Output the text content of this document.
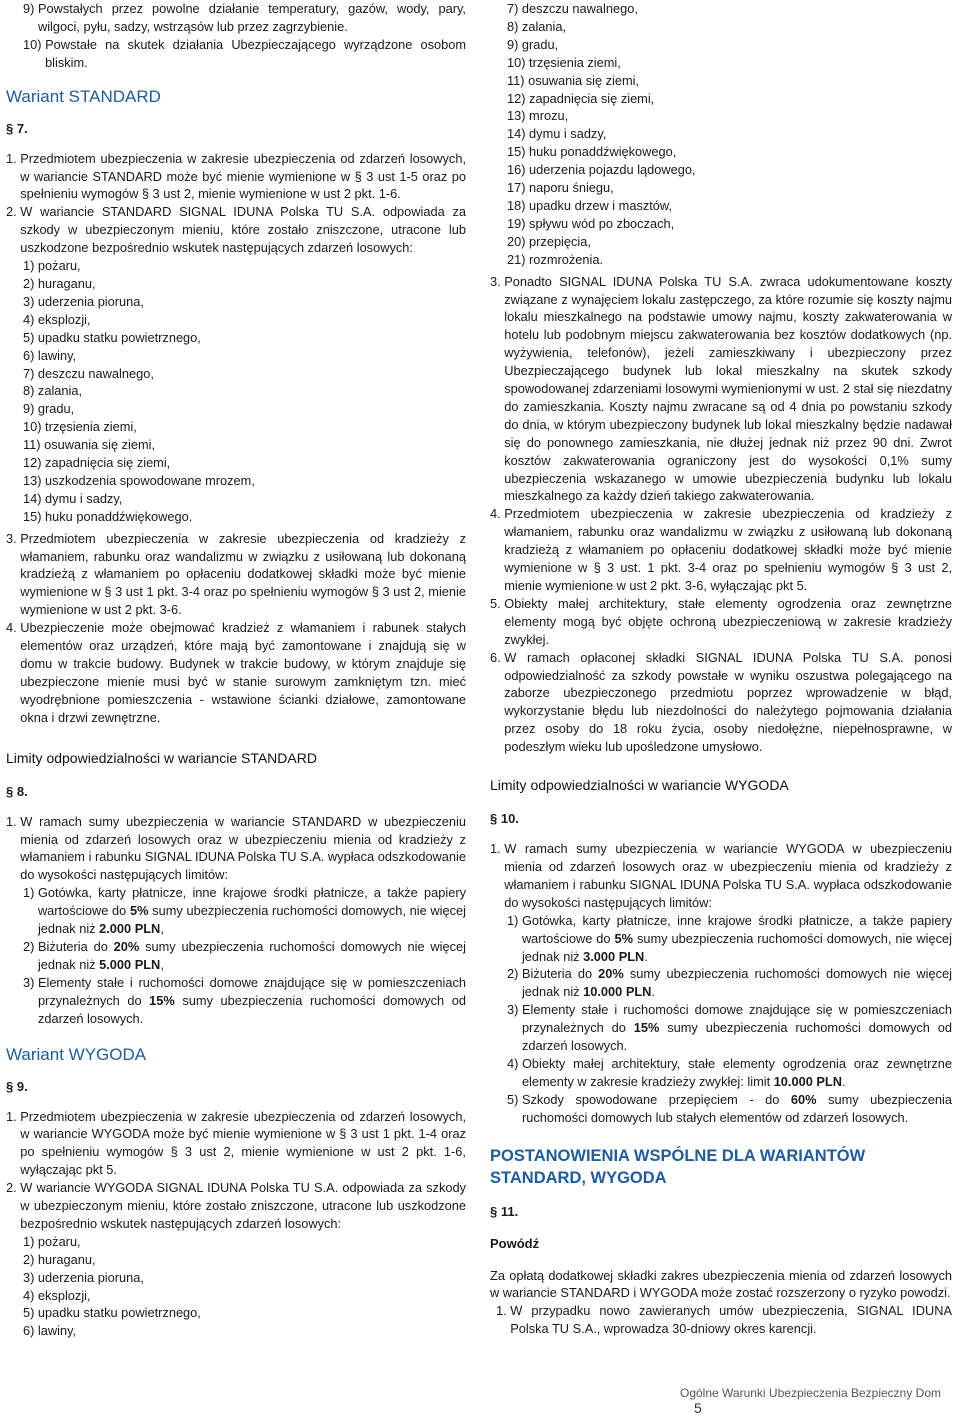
9)
Powstałych przez powolne działanie temperatury, gazów, wody, pary, wilgoci, pyłu, sadzy, wstrząsów lub przez zagrzybienie.
10)
Powstałe na skutek działania Ubezpieczającego wyrządzone osobom bliskim.
Wariant STANDARD
§ 7.
1.
Przedmiotem ubezpieczenia w zakresie ubezpieczenia od zdarzeń losowych, w wariancie STANDARD może być mienie wymienione w § 3 ust 1-5 oraz po spełnieniu wymogów § 3 ust 2, mienie wymienione w ust 2 pkt. 1-6.
2.
W wariancie STANDARD SIGNAL IDUNA Polska TU S.A. odpowiada za szkody w ubezpieczonym mieniu, które zostało zniszczone, utracone lub uszkodzone bezpośrednio wskutek następujących zdarzeń losowych:
1) pożaru,
2) huraganu,
3) uderzenia pioruna,
4) eksplozji,
5) upadku statku powietrznego,
6) lawiny,
7) deszczu nawalnego,
8) zalania,
9) gradu,
10) trzęsienia ziemi,
11) osuwania się ziemi,
12) zapadnięcia się ziemi,
13) uszkodzenia spowodowane mrozem,
14) dymu i sadzy,
15) huku ponaddźwiękowego.
3.
Przedmiotem ubezpieczenia w zakresie ubezpieczenia od kradzieży z włamaniem, rabunku oraz wandalizmu w związku z usiłowaną lub dokonaną kradzieżą z włamaniem po opłaceniu dodatkowej składki może być mienie wymienione w § 3 ust 1 pkt. 3-4 oraz po spełnieniu wymogów § 3 ust 2, mienie wymienione w ust 2 pkt. 3-6.
4.
Ubezpieczenie może obejmować kradzież z włamaniem i rabunek stałych elementów oraz urządzeń, które mają być zamontowane i znajdują się w domu w trakcie budowy. Budynek w trakcie budowy, w którym znajduje się ubezpieczone mienie musi być w stanie surowym zamkniętym tzn. mieć wyodrębnione pomieszczenia - wstawione ścianki działowe, zamontowane okna i drzwi zewnętrzne.
Limity odpowiedzialności w wariancie STANDARD
§ 8.
1.
W ramach sumy ubezpieczenia w wariancie STANDARD w ubezpieczeniu mienia od zdarzeń losowych oraz w ubezpieczeniu mienia od kradzieży z włamaniem i rabunku SIGNAL IDUNA Polska TU S.A. wypłaca odszkodowanie do wysokości następujących limitów:
1) Gotówka, karty płatnicze, inne krajowe środki płatnicze, a także papiery wartościowe do 5% sumy ubezpieczenia ruchomości domowych, nie więcej jednak niż 2.000 PLN,
2) Biżuteria do 20% sumy ubezpieczenia ruchomości domowych nie więcej jednak niż 5.000 PLN,
3) Elementy stałe i ruchomości domowe znajdujące się w pomieszczeniach przynależnych do 15% sumy ubezpieczenia ruchomości domowych od zdarzeń losowych.
Wariant WYGODA
§ 9.
1.
Przedmiotem ubezpieczenia w zakresie ubezpieczenia od zdarzeń losowych, w wariancie WYGODA może być mienie wymienione w § 3 ust 1 pkt. 1-4 oraz po spełnieniu wymogów § 3 ust 2, mienie wymienione w ust 2 pkt. 1-6, wyłączając pkt 5.
2.
W wariancie WYGODA SIGNAL IDUNA Polska TU S.A. odpowiada za szkody w ubezpieczonym mieniu, które zostało zniszczone, utracone lub uszkodzone bezpośrednio wskutek następujących zdarzeń losowych:
1) pożaru,
2) huraganu,
3) uderzenia pioruna,
4) eksplozji,
5) upadku statku powietrznego,
6) lawiny,
7) deszczu nawalnego,
8) zalania,
9) gradu,
10) trzęsienia ziemi,
11) osuwania się ziemi,
12) zapadnięcia się ziemi,
13) mrozu,
14) dymu i sadzy,
15) huku ponaddźwiękowego,
16) uderzenia pojazdu lądowego,
17) naporu śniegu,
18) upadku drzew i masztów,
19) spływu wód po zboczach,
20) przepięcia,
21) rozmrożenia.
3.
Ponadto SIGNAL IDUNA Polska TU S.A. zwraca udokumentowane koszty związane z wynajęciem lokalu zastępczego, za które rozumie się koszty najmu lokalu mieszkalnego na podstawie umowy najmu, koszty zakwaterowania w hotelu lub podobnym miejscu zakwaterowania bez kosztów dodatkowych (np. wyżywienia, telefonów), jeżeli zamieszkiwany i ubezpieczony przez Ubezpieczającego budynek lub lokal mieszkalny na skutek szkody spowodowanej zdarzeniami losowymi wymienionymi w ust. 2 stał się niezdatny do zamieszkania. Koszty najmu zwracane są od 4 dnia po powstaniu szkody do dnia, w którym ubezpieczony budynek lub lokal mieszkalny będzie nadawał się do ponownego zamieszkania, nie dłużej jednak niż przez 90 dni. Zwrot kosztów zakwaterowania ograniczony jest do wysokości 0,1% sumy ubezpieczenia wskazanego w umowie ubezpieczenia budynku lub lokalu mieszkalnego za każdy dzień takiego zakwaterowania.
4.
Przedmiotem ubezpieczenia w zakresie ubezpieczenia od kradzieży z włamaniem, rabunku oraz wandalizmu w związku z usiłowaną lub dokonaną kradzieżą z włamaniem po opłaceniu dodatkowej składki może być mienie wymienione w § 3 ust. 1 pkt. 3-4 oraz po spełnieniu wymogów § 3 ust 2, mienie wymienione w ust 2 pkt. 3-6, wyłączając pkt 5.
5.
Obiekty małej architektury, stałe elementy ogrodzenia oraz zewnętrzne elementy mogą być objęte ochroną ubezpieczeniową w zakresie kradzieży zwykłej.
6.
W ramach opłaconej składki SIGNAL IDUNA Polska TU S.A. ponosi odpowiedzialność za szkody powstałe w wyniku oszustwa polegającego na zaborze ubezpieczonego przedmiotu poprzez wprowadzenie w błąd, wykorzystanie błędu lub niezdolności do należytego pojmowania działania przez osoby do 18 roku życia, osoby niedołężne, niepełnosprawne, w podeszłym wieku lub upośledzone umysłowo.
Limity odpowiedzialności w wariancie WYGODA
§ 10.
1.
W ramach sumy ubezpieczenia w wariancie WYGODA w ubezpieczeniu mienia od zdarzeń losowych oraz w ubezpieczeniu mienia od kradzieży z włamaniem i rabunku SIGNAL IDUNA Polska TU S.A. wypłaca odszkodowanie do wysokości następujących limitów:
1) Gotówka, karty płatnicze, inne krajowe środki płatnicze, a także papiery wartościowe do 5% sumy ubezpieczenia ruchomości domowych, nie więcej jednak niż 3.000 PLN.
2) Biżuteria do 20% sumy ubezpieczenia ruchomości domowych nie więcej jednak niż 10.000 PLN.
3) Elementy stałe i ruchomości domowe znajdujące się w pomieszczeniach przynależnych do 15% sumy ubezpieczenia ruchomości domowych od zdarzeń losowych.
4) Obiekty małej architektury, stałe elementy ogrodzenia oraz zewnętrzne elementy w zakresie kradzieży zwykłej: limit 10.000 PLN.
5) Szkody spowodowane przepięciem - do 60% sumy ubezpieczenia ruchomości domowych lub stałych elementów od zdarzeń losowych.
POSTANOWIENIA WSPÓLNE DLA WARIANTÓW STANDARD, WYGODA
§ 11.
Powódź

Za opłatą dodatkowej składki zakres ubezpieczenia mienia od zdarzeń losowych w wariancie STANDARD i WYGODA może zostać rozszerzony o ryzyko powodzi.

1.
W przypadku nowo zawieranych umów ubezpieczenia, SIGNAL IDUNA Polska TU S.A., wprowadza 30-dniowy okres karencji.
Ogólne Warunki Ubezpieczenia Bezpieczny Dom 5
